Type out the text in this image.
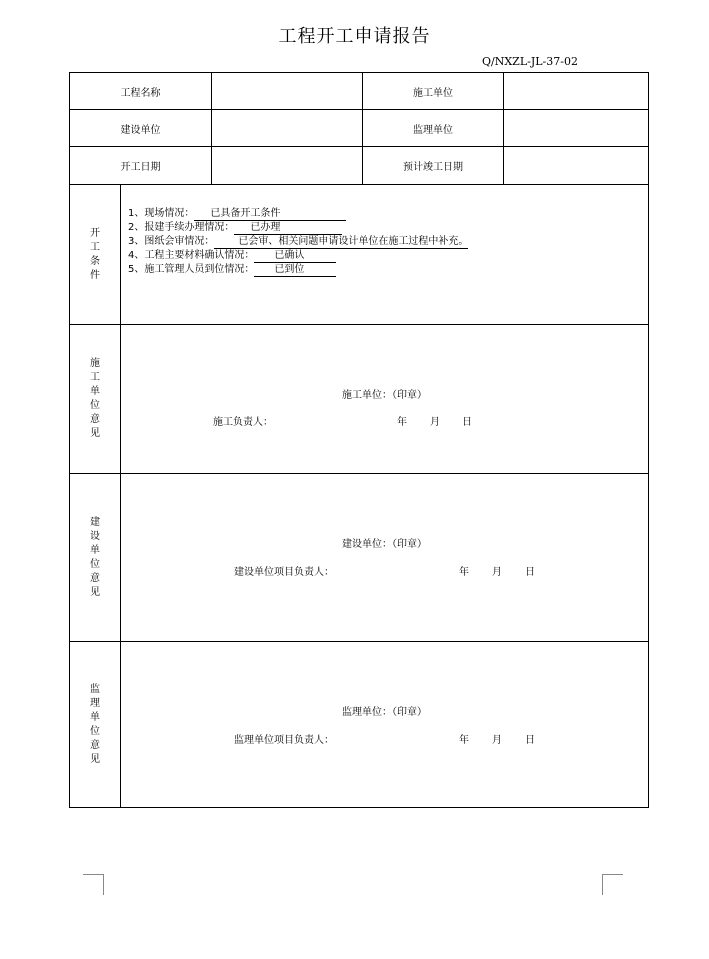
工程开工申请报告
Q/NXZL-JL-37-02
工程名称			施工单位	
建设单位			监理单位	
开工日期			预计竣工日期	
开工条件	1、现场情况： 已具备开工条件
2、报建手续办理情况： 已办理
3、图纸会审情况： 已会审、相关问题申请设计单位在施工过程中补充。
4、工程主要材料确认情况： 已确认
5、施工管理人员到位情况： 已到位			

施工单位意见	施工单位：（印章）
施工负责人： 年 月 日			

建设单位意见	建设单位：（印章）
建设单位项目负责人： 年 月 日			

监理单位意见	监理单位：（印章）
监理单位项目负责人： 年 月 日			
